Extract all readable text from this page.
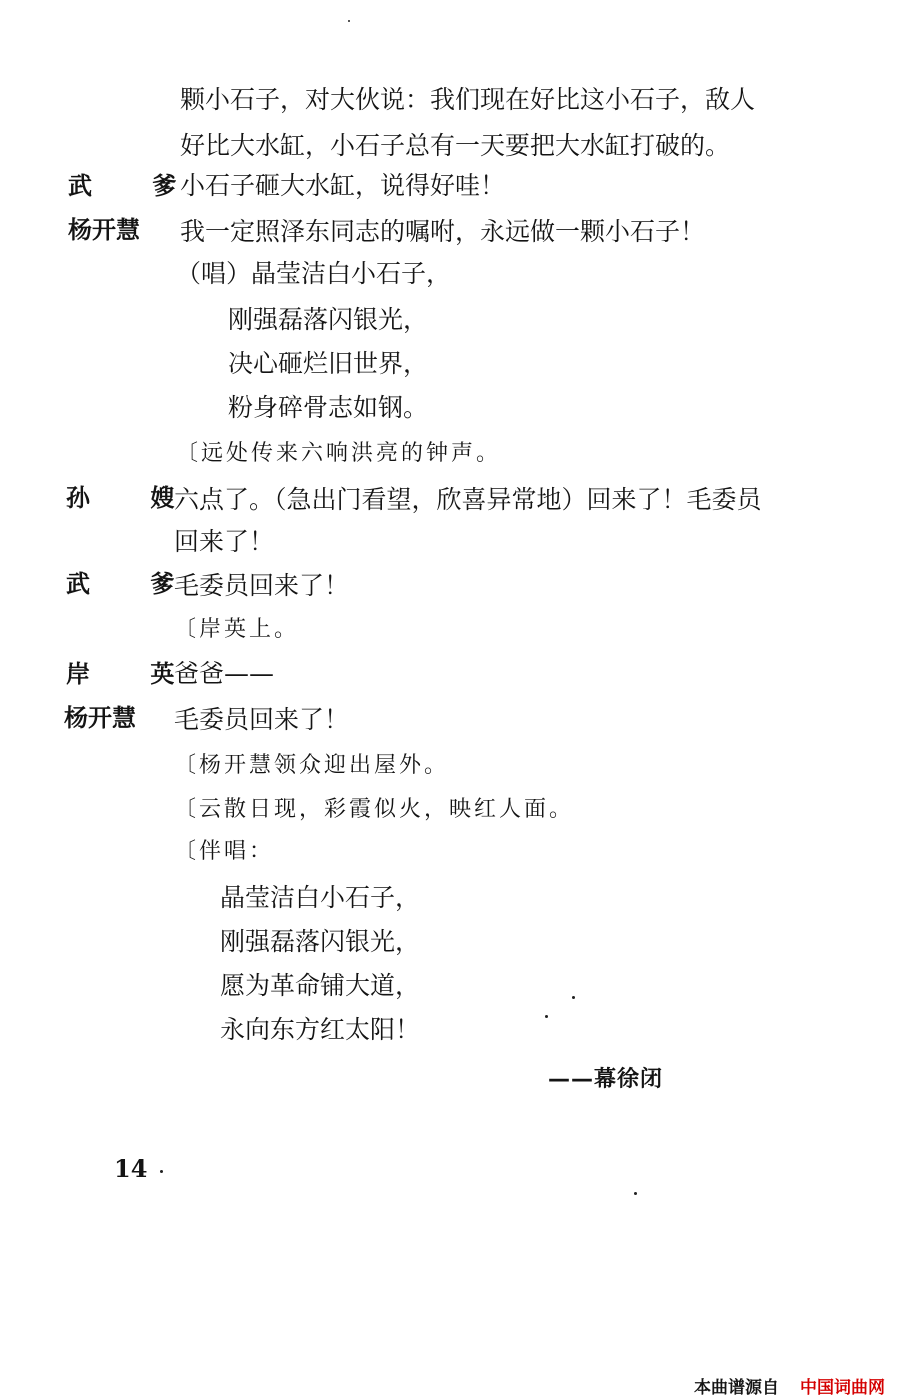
颗小石子，对大伙说：我们现在好比这小石子，敌人
好比大水缸，小石子总有一天要把大水缸打破的。
武 爹
小石子砸大水缸，说得好哇！
杨开慧 我一定照泽东同志的嘱咐，永远做一颗小石子！
（唱）晶莹洁白小石子，
刚强磊落闪银光，
决心砸烂旧世界，
粉身碎骨志如钢。
〔远处传来六响洪亮的钟声。
孙 嫂
六点了。（急出门看望，欣喜异常地）回来了！毛委员
回来了！
武 爹
毛委员回来了！
〔岸英上。
岸 英
爸爸——
杨开慧 毛委员回来了！
〔杨开慧领众迎出屋外。
〔云散日现，彩霞似火，映红人面。
〔伴唱：
晶莹洁白小石子，
刚强磊落闪银光，
愿为革命铺大道，
永向东方红太阳！
——幕徐闭
14
本曲谱源自 中国词曲网
